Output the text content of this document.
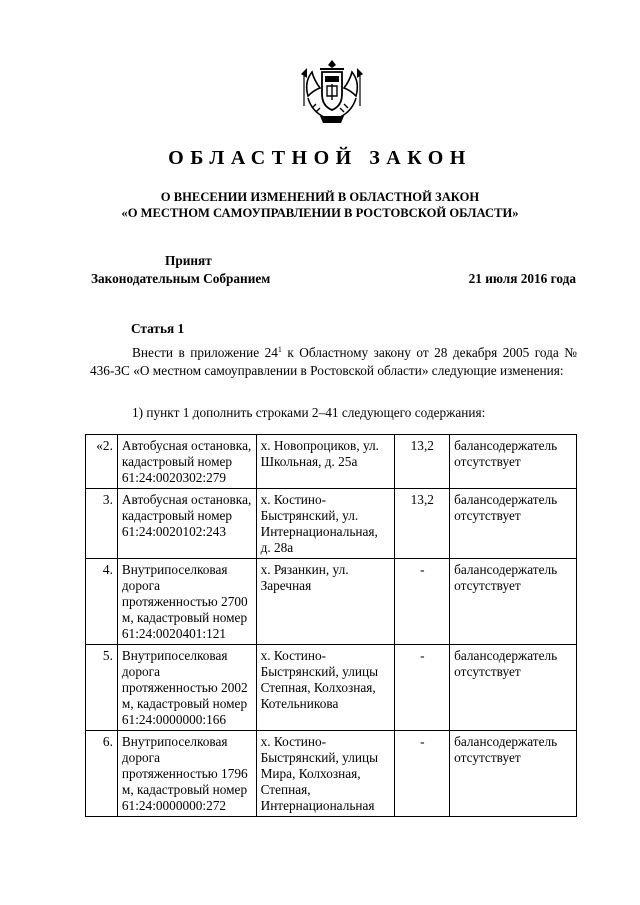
ОБЛАСТНОЙ ЗАКОН
О ВНЕСЕНИИ ИЗМЕНЕНИЙ В ОБЛАСТНОЙ ЗАКОН
«О МЕСТНОМ САМОУПРАВЛЕНИИ В РОСТОВСКОЙ ОБЛАСТИ»
Принят
Законодательным Собранием	21 июля 2016 года
Статья 1
Внести в приложение $24^1$ к Областному закону от 28 декабря 2005 года № 436-ЗС «О местном самоуправлении в Ростовской области» следующие изменения:
1) пункт 1 дополнить строками 2–41 следующего содержания:
«2.	Автобусная остановка, кадастровый номер 61:24:0020302:279	х. Новопроциков, ул. Школьная, д. 25а	13,2	балансодержатель отсутствует
3.	Автобусная остановка, кадастровый номер 61:24:0020102:243	х. Костино-Быстрянский, ул. Интернациональная, д. 28а	13,2	балансодержатель отсутствует
4.	Внутрипоселковая дорога протяженностью 2700 м, кадастровый номер 61:24:0020401:121	х. Рязанкин, ул. Заречная	-	балансодержатель отсутствует
5.	Внутрипоселковая дорога протяженностью 2002 м, кадастровый номер 61:24:0000000:166	х. Костино-Быстрянский, улицы Степная, Колхозная, Котельникова	-	балансодержатель отсутствует
6.	Внутрипоселковая дорога протяженностью 1796 м, кадастровый номер 61:24:0000000:272	х. Костино-Быстрянский, улицы Мира, Колхозная, Степная, Интернациональная	-	балансодержатель отсутствует
